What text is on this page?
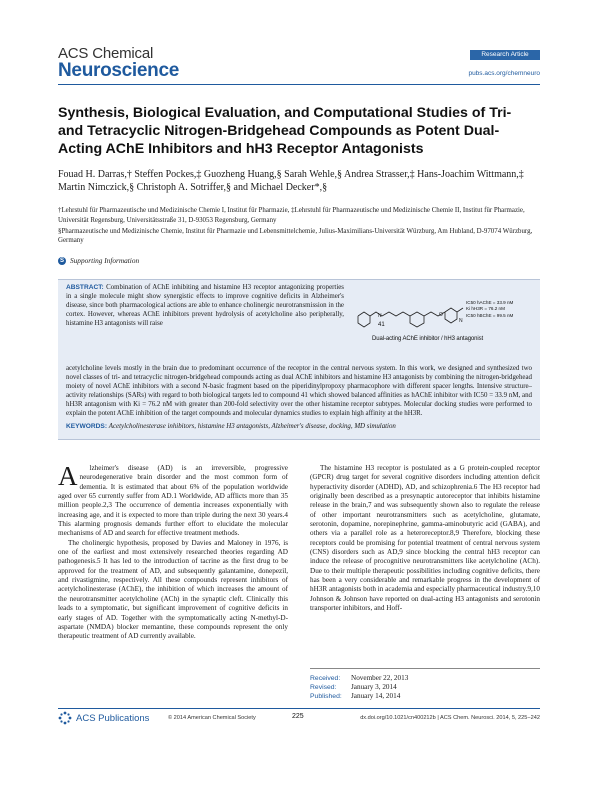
ACS Chemical
Neuroscience
Research Article
pubs.acs.org/chemneuro
Synthesis, Biological Evaluation, and Computational Studies of Tri- and Tetracyclic Nitrogen-Bridgehead Compounds as Potent Dual-Acting AChE Inhibitors and hH3 Receptor Antagonists
Fouad H. Darras,† Steffen Pockes,‡ Guozheng Huang,§ Sarah Wehle,§ Andrea Strasser,‡ Hans-Joachim Wittmann,‡ Martin Nimczick,§ Christoph A. Sotriffer,§ and Michael Decker*,§

†Lehrstuhl für Pharmazeutische und Medizinische Chemie I, Institut für Pharmazie, ‡Lehrstuhl für Pharmazeutische und Medizinische Chemie II, Institut für Pharmazie, Universität Regensburg, Universitätsstraße 31, D-93053 Regensburg, Germany

§Pharmazeutische und Medizinische Chemie, Institut für Pharmazie und Lebensmittelchemie, Julius-Maximilians-Universität Würzburg, Am Hubland, D-97074 Würzburg, Germany

S Supporting Information
ABSTRACT: Combination of AChE inhibiting and histamine H3 receptor antagonizing properties in a single molecule might show synergistic effects to improve cognitive deficits in Alzheimer's disease, since both pharmacological actions are able to enhance cholinergic neurotransmission in the cortex. However, whereas AChE inhibitors prevent hydrolysis of acetylcholine also peripherally, histamine H3 antagonists will raise
N	O
N
41
IC50 hAChE = 33.9 nM
Ki hH3R = 76.2 nM
IC50 hBChE = 99.5 nM
Dual-acting AChE inhibitor / hH3 antagonist
acetylcholine levels mostly in the brain due to predominant occurrence of the receptor in the central nervous system. In this work, we designed and synthesized two novel classes of tri- and tetracyclic nitrogen-bridgehead compounds acting as dual AChE inhibitors and histamine H3 antagonists by combining the nitrogen-bridgehead moiety of novel AChE inhibitors with a second N-basic fragment based on the piperidinylpropoxy pharmacophore with different spacer lengths. Intensive structure–activity relationships (SARs) with regard to both biological targets led to compound 41 which showed balanced affinities as hAChE inhibitor with IC50 = 33.9 nM, and hH3R antagonism with Ki = 76.2 nM with greater than 200-fold selectivity over the other histamine receptor subtypes. Molecular docking studies were performed to explain the potent AChE inhibition of the target compounds and molecular dynamics studies to explain high affinity at the hH3R.
KEYWORDS: Acetylcholinesterase inhibitors, histamine H3 antagonists, Alzheimer's disease, docking, MD simulation

A lzheimer's disease (AD) is an irreversible, progressive neurodegenerative brain disorder and the most common form of dementia. It is estimated that about 6% of the population worldwide aged over 65 currently suffer from AD.1 Worldwide, AD afflicts more than 35 million people.2,3 The occurrence of dementia increases exponentially with increasing age, and it is expected to more than triple during the next 30 years.4 This alarming prognosis demands further effort to elucidate the molecular mechanisms of AD and search for effective treatment methods.

The cholinergic hypothesis, proposed by Davies and Maloney in 1976, is one of the earliest and most extensively researched theories regarding AD pathogenesis.5 It has led to the introduction of tacrine as the first drug to be approved for the treatment of AD, and subsequently galantamine, donepezil, and rivastigmine, respectively. All these compounds represent inhibitors of acetylcholinesterase (AChE), the inhibition of which increases the amount of the neurotransmitter acetylcholine (ACh) in the synaptic cleft. Clinically this leads to a symptomatic, but significant improvement of cognitive deficits in early stages of AD. Together with the symptomatically acting N-methyl-D-aspartate (NMDA) blocker memantine, these compounds represent the only therapeutic treatment of AD currently available.

The histamine H3 receptor is postulated as a G protein-coupled receptor (GPCR) drug target for several cognitive disorders including attention deficit hyperactivity disorder (ADHD), AD, and schizophrenia.6 The H3 receptor had originally been described as a presynaptic autoreceptor that inhibits histamine release in the brain,7 and was subsequently shown also to regulate the release of other important neurotransmitters such as acetylcholine, glutamate, serotonin, dopamine, norepinephrine, gamma-aminobutyric acid (GABA), and others via a parallel role as a heteroreceptor.8,9 Therefore, blocking these receptors could be promising for potential treatment of central nervous system (CNS) disorders such as AD,9 since blocking the central hH3 receptor can induce the release of procognitive neurotransmitters like acetylcholine (ACh). Due to their multiple therapeutic possibilities including cognitive deficits, there has been a very considerable and remarkable progress in the development of hH3R antagonists both in academia and especially pharmaceutical industry.9,10 Johnson & Johnson have reported on dual-acting H3 antagonists and serotonin transporter inhibitors, and Hoff-

Received:	November 22, 2013
Revised:	January 3, 2014
Published:	January 14, 2014
ACS Publications	© 2014 American Chemical Society	225	dx.doi.org/10.1021/cn400212b | ACS Chem. Neurosci. 2014, 5, 225−242
